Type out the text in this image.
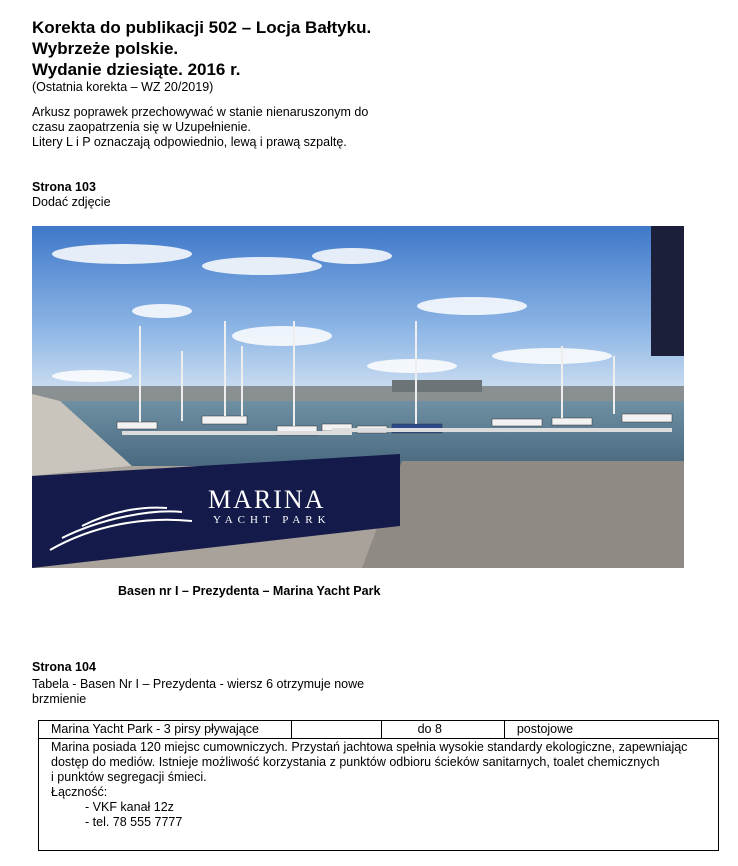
Korekta do publikacji 502 – Locja Bałtyku.
Wybrzeże polskie.
Wydanie dziesiąte. 2016 r.
(Ostatnia korekta – WZ 20/2019)
Arkusz poprawek przechowywać w stanie nienaruszonym do
czasu zaopatrzenia się w Uzupełnienie.
Litery L i P oznaczają odpowiednio, lewą i prawą szpaltę.
Strona 103
Dodać zdjęcie
MARINA
YACHT PARK
Basen nr I – Prezydenta – Marina Yacht Park
Strona 104
Tabela - Basen Nr I – Prezydenta - wiersz 6 otrzymuje nowe
brzmienie
Marina Yacht Park - 3 pirsy pływające		do 8	postojowe

Marina posiada 120 miejsc cumowniczych. Przystań jachtowa spełnia wysokie standardy ekologiczne, zapewniając
dostęp do mediów. Istnieje możliwość korzystania z punktów odbioru ścieków sanitarnych, toalet chemicznych
i punktów segregacji śmieci.
Łączność:
- VKF kanał 12z
- tel. 78 555 7777
